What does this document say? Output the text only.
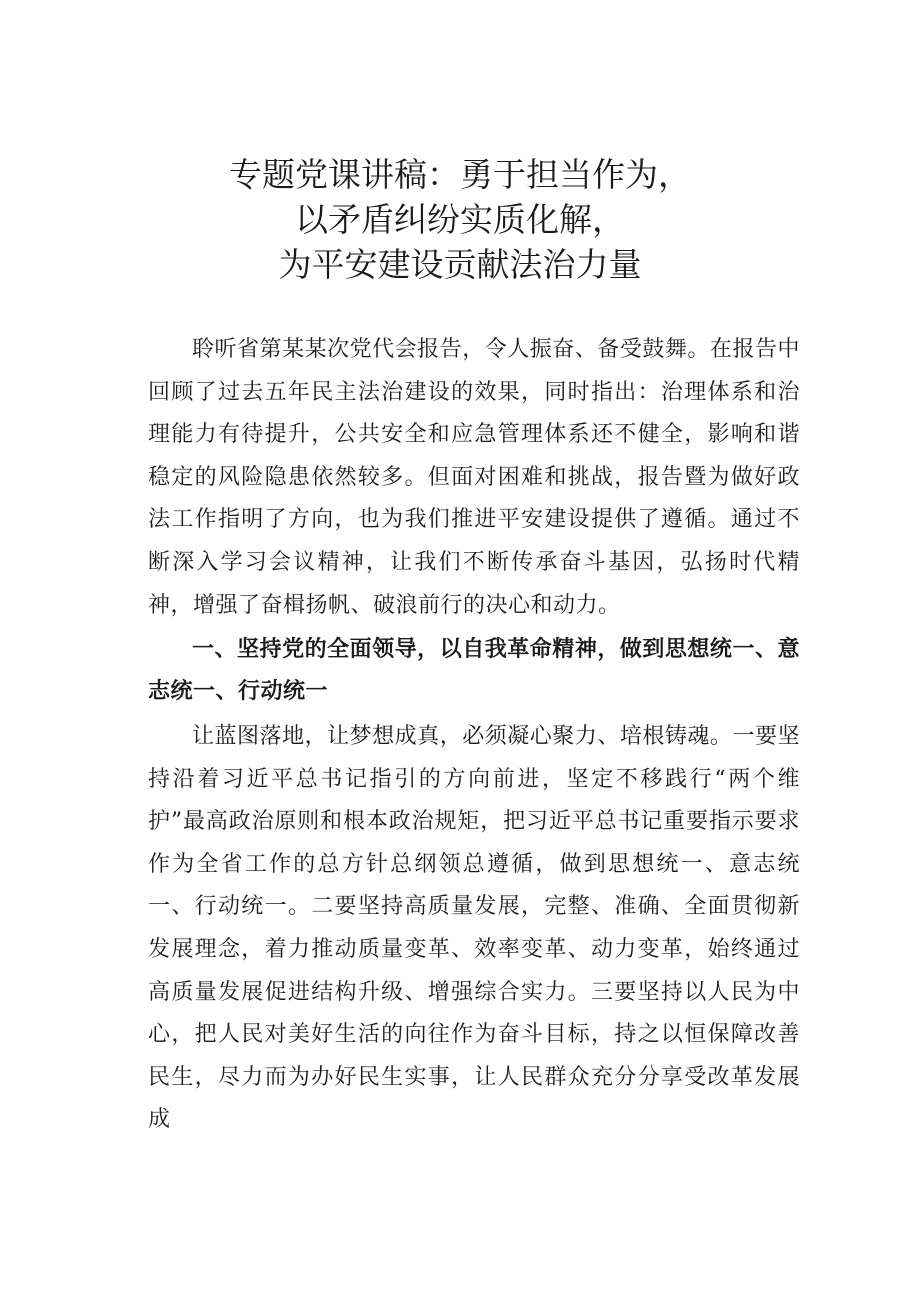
专题党课讲稿：勇于担当作为，
以矛盾纠纷实质化解，
为平安建设贡献法治力量

聆听省第某某次党代会报告，令人振奋、备受鼓舞。在报告中回顾了过去五年民主法治建设的效果，同时指出：治理体系和治理能力有待提升，公共安全和应急管理体系还不健全，影响和谐稳定的风险隐患依然较多。但面对困难和挑战，报告暨为做好政法工作指明了方向，也为我们推进平安建设提供了遵循。通过不断深入学习会议精神，让我们不断传承奋斗基因，弘扬时代精神，增强了奋楫扬帆、破浪前行的决心和动力。

一、坚持党的全面领导，以自我革命精神，做到思想统一、意志统一、行动统一

让蓝图落地，让梦想成真，必须凝心聚力、培根铸魂。一要坚持沿着习近平总书记指引的方向前进，坚定不移践行“两个维护”最高政治原则和根本政治规矩，把习近平总书记重要指示要求作为全省工作的总方针总纲领总遵循，做到思想统一、意志统一、行动统一。二要坚持高质量发展，完整、准确、全面贯彻新发展理念，着力推动质量变革、效率变革、动力变革，始终通过高质量发展促进结构升级、增强综合实力。三要坚持以人民为中心，把人民对美好生活的向往作为奋斗目标，持之以恒保障改善民生，尽力而为办好民生实事，让人民群众充分分享受改革发展成
